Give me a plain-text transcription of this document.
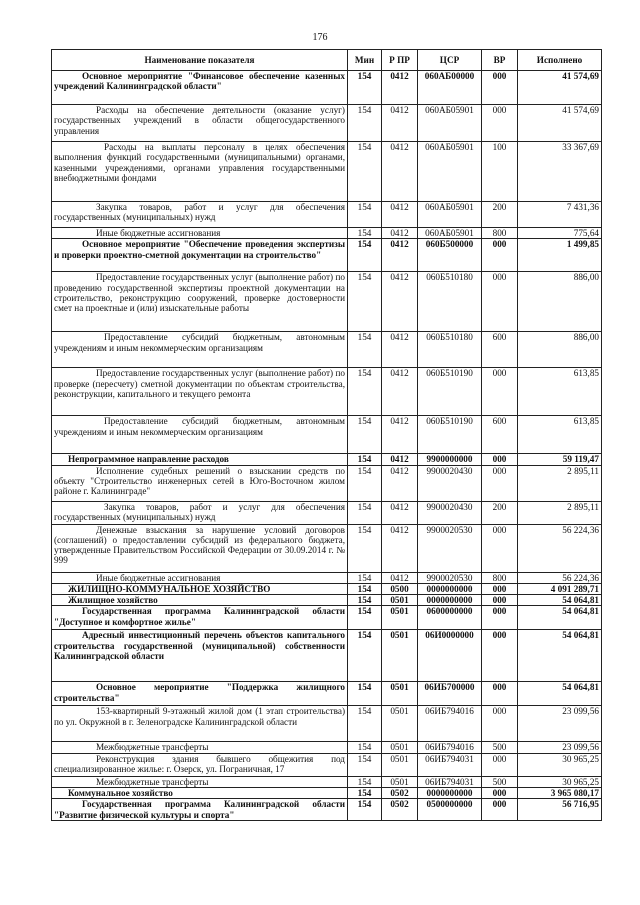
176
Наименование показателя	Мин	Р ПР	ЦСР	ВР	Исполнено
Основное мероприятие "Финансовое обеспечение казенных учреждений Калининградской области"	154	0412	060АБ00000	000	41 574,69
Расходы на обеспечение деятельности (оказание услуг) государственных учреждений в области общегосударственного управления	154	0412	060АБ05901	000	41 574,69
Расходы на выплаты персоналу в целях обеспечения выполнения функций государственными (муниципальными) органами, казенными учреждениями, органами управления государственными внебюджетными фондами	154	0412	060АБ05901	100	33 367,69
Закупка товаров, работ и услуг для обеспечения государственных (муниципальных) нужд	154	0412	060АБ05901	200	7 431,36
Иные бюджетные ассигнования	154	0412	060АБ05901	800	775,64
Основное мероприятие "Обеспечение проведения экспертизы и проверки проектно-сметной документации на строительство"	154	0412	060Б500000	000	1 499,85
Предоставление государственных услуг (выполнение работ) по проведению государственной экспертизы проектной документации на строительство, реконструкцию сооружений, проверке достоверности смет на проектные и (или) изыскательные работы	154	0412	060Б510180	000	886,00
Предоставление субсидий бюджетным, автономным учреждениям и иным некоммерческим организациям	154	0412	060Б510180	600	886,00
Предоставление государственных услуг (выполнение работ) по проверке (пересчету) сметной документации по объектам строительства, реконструкции, капитального и текущего ремонта	154	0412	060Б510190	000	613,85
Предоставление субсидий бюджетным, автономным учреждениям и иным некоммерческим организациям	154	0412	060Б510190	600	613,85
Непрограммное направление расходов	154	0412	9900000000	000	59 119,47
Исполнение судебных решений о взыскании средств по объекту "Строительство инженерных сетей в Юго-Восточном жилом районе г. Калининграде"	154	0412	9900020430	000	2 895,11
Закупка товаров, работ и услуг для обеспечения государственных (муниципальных) нужд	154	0412	9900020430	200	2 895,11
Денежные взыскания за нарушение условий договоров (соглашений) о предоставлении субсидий из федерального бюджета, утвержденные Правительством Российской Федерации от 30.09.2014 г. № 999	154	0412	9900020530	000	56 224,36
Иные бюджетные ассигнования	154	0412	9900020530	800	56 224,36
ЖИЛИЩНО-КОММУНАЛЬНОЕ ХОЗЯЙСТВО	154	0500	0000000000	000	4 091 289,71
Жилищное хозяйство	154	0501	0000000000	000	54 064,81
Государственная программа Калининградской области "Доступное и комфортное жилье"	154	0501	0600000000	000	54 064,81
Адресный инвестиционный перечень объектов капитального строительства государственной (муниципальной) собственности Калининградской области	154	0501	06И0000000	000	54 064,81
Основное мероприятие "Поддержка жилищного строительства"	154	0501	06ИБ700000	000	54 064,81
153-квартирный 9-этажный жилой дом (1 этап строительства) по ул. Окружной в г. Зеленоградске Калининградской области	154	0501	06ИБ794016	000	23 099,56
Межбюджетные трансферты	154	0501	06ИБ794016	500	23 099,56
Реконструкция здания бывшего общежития под специализированное жилье: г. Озерск, ул. Пограничная, 17	154	0501	06ИБ794031	000	30 965,25
Межбюджетные трансферты	154	0501	06ИБ794031	500	30 965,25
Коммунальное хозяйство	154	0502	0000000000	000	3 965 080,17
Государственная программа Калининградской области "Развитие физической культуры и спорта"	154	0502	0500000000	000	56 716,95
